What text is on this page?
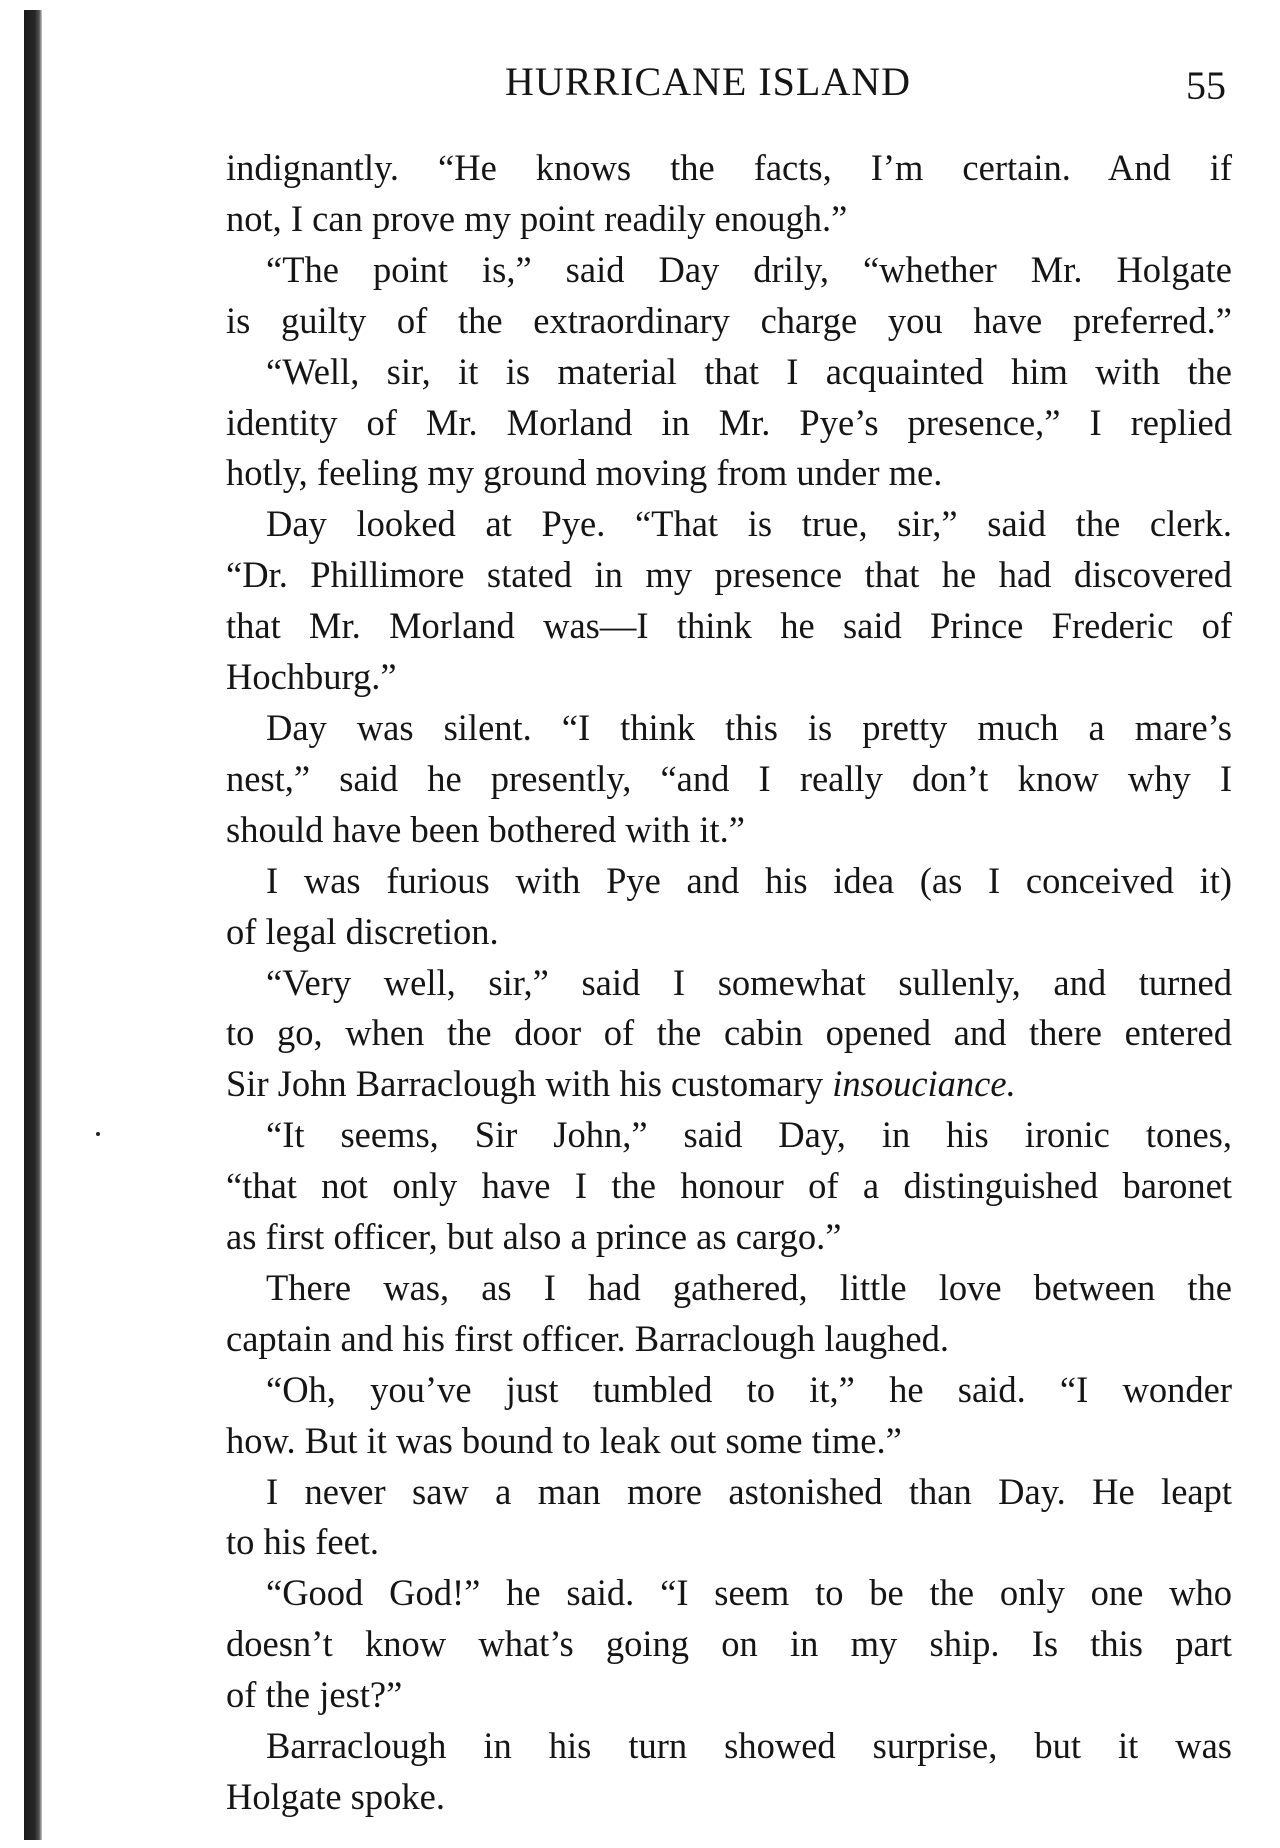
HURRICANE ISLAND	55
indignantly. “He knows the facts, I’m certain. And if
not, I can prove my point readily enough.”
“The point is,” said Day drily, “whether Mr. Holgate
is guilty of the extraordinary charge you have preferred.”
“Well, sir, it is material that I acquainted him with the
identity of Mr. Morland in Mr. Pye’s presence,” I replied
hotly, feeling my ground moving from under me.
Day looked at Pye. “That is true, sir,” said the clerk.
“Dr. Phillimore stated in my presence that he had discovered
that Mr. Morland was—I think he said Prince Frederic of
Hochburg.”
Day was silent. “I think this is pretty much a mare’s
nest,” said he presently, “and I really don’t know why I
should have been bothered with it.”
I was furious with Pye and his idea (as I conceived it)
of legal discretion.
“Very well, sir,” said I somewhat sullenly, and turned
to go, when the door of the cabin opened and there entered
Sir John Barraclough with his customary insouciance.
“It seems, Sir John,” said Day, in his ironic tones,
“that not only have I the honour of a distinguished baronet
as first officer, but also a prince as cargo.”
There was, as I had gathered, little love between the
captain and his first officer. Barraclough laughed.
“Oh, you’ve just tumbled to it,” he said. “I wonder
how. But it was bound to leak out some time.”
I never saw a man more astonished than Day. He leapt
to his feet.
“Good God!” he said. “I seem to be the only one who
doesn’t know what’s going on in my ship. Is this part
of the jest?”
Barraclough in his turn showed surprise, but it was
Holgate spoke.
